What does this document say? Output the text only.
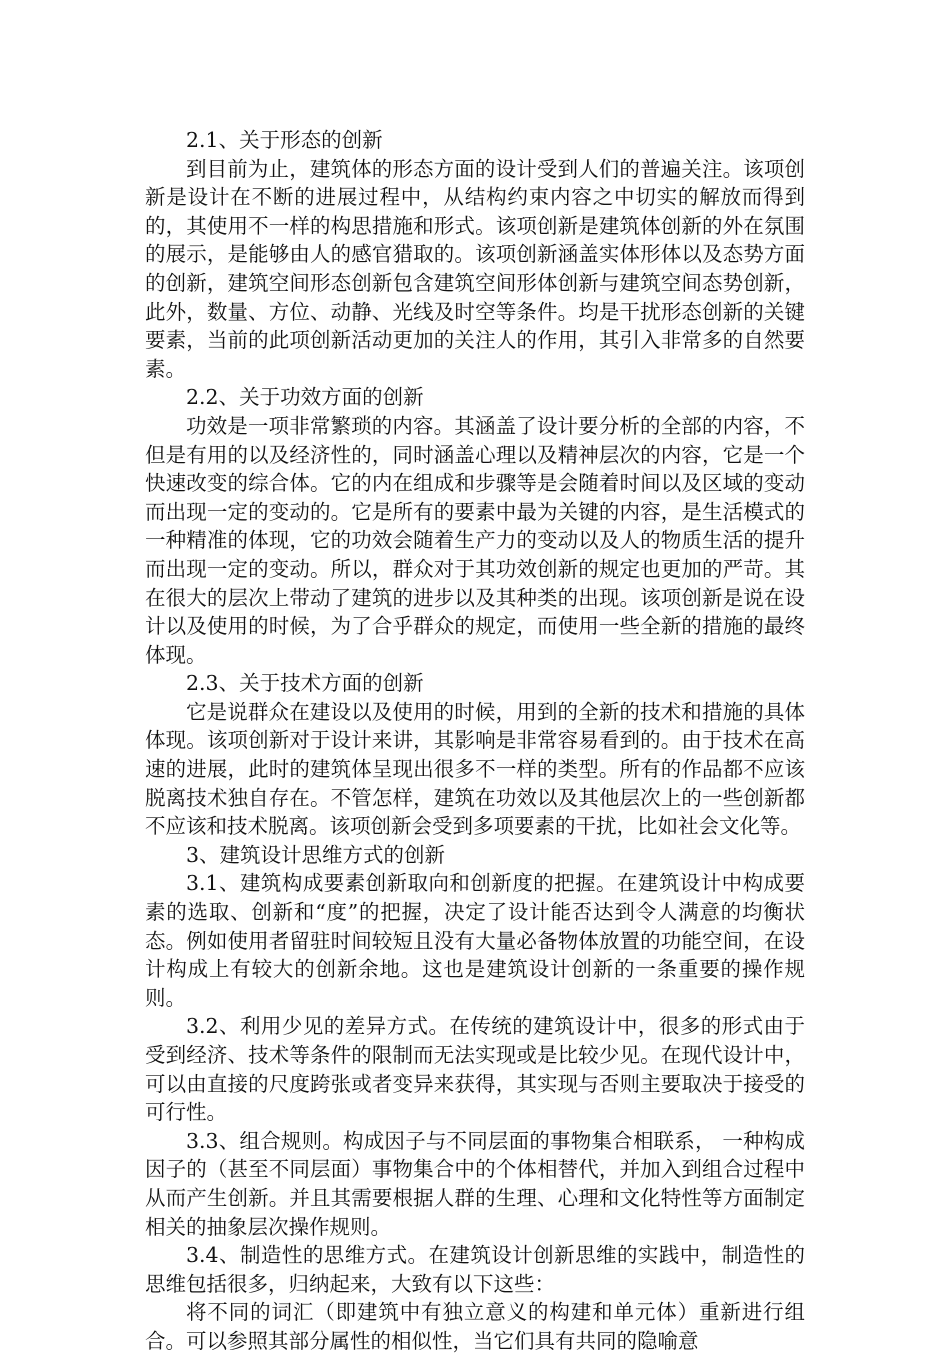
2.1、关于形态的创新

到目前为止，建筑体的形态方面的设计受到人们的普遍关注。该项创新是设计在不断的进展过程中，从结构约束内容之中切实的解放而得到的，其使用不一样的构思措施和形式。该项创新是建筑体创新的外在氛围的展示，是能够由人的感官猎取的。该项创新涵盖实体形体以及态势方面的创新，建筑空间形态创新包含建筑空间形体创新与建筑空间态势创新，此外，数量、方位、动静、光线及时空等条件。均是干扰形态创新的关键要素，当前的此项创新活动更加的关注人的作用，其引入非常多的自然要素。

2.2、关于功效方面的创新

功效是一项非常繁琐的内容。其涵盖了设计要分析的全部的内容，不但是有用的以及经济性的，同时涵盖心理以及精神层次的内容，它是一个快速改变的综合体。它的内在组成和步骤等是会随着时间以及区域的变动而出现一定的变动的。它是所有的要素中最为关键的内容，是生活模式的一种精准的体现，它的功效会随着生产力的变动以及人的物质生活的提升而出现一定的变动。所以，群众对于其功效创新的规定也更加的严苛。其在很大的层次上带动了建筑的进步以及其种类的出现。该项创新是说在设计以及使用的时候，为了合乎群众的规定，而使用一些全新的措施的最终体现。

2.3、关于技术方面的创新

它是说群众在建设以及使用的时候，用到的全新的技术和措施的具体体现。该项创新对于设计来讲，其影响是非常容易看到的。由于技术在高速的进展，此时的建筑体呈现出很多不一样的类型。所有的作品都不应该脱离技术独自存在。不管怎样，建筑在功效以及其他层次上的一些创新都不应该和技术脱离。该项创新会受到多项要素的干扰，比如社会文化等。

3、建筑设计思维方式的创新

3.1、建筑构成要素创新取向和创新度的把握。在建筑设计中构成要素的选取、创新和“度”的把握，决定了设计能否达到令人满意的均衡状态。例如使用者留驻时间较短且没有大量必备物体放置的功能空间，在设计构成上有较大的创新余地。这也是建筑设计创新的一条重要的操作规则。

3.2、利用少见的差异方式。在传统的建筑设计中，很多的形式由于受到经济、技术等条件的限制而无法实现或是比较少见。在现代设计中，可以由直接的尺度跨张或者变异来获得，其实现与否则主要取决于接受的可行性。

3.3、组合规则。构成因子与不同层面的事物集合相联系， 一种构成因子的（甚至不同层面）事物集合中的个体相替代，并加入到组合过程中从而产生创新。并且其需要根据人群的生理、心理和文化特性等方面制定相关的抽象层次操作规则。

3.4、制造性的思维方式。在建筑设计创新思维的实践中，制造性的思维包括很多，归纳起来，大致有以下这些：

将不同的词汇（即建筑中有独立意义的构建和单元体）重新进行组合。可以参照其部分属性的相似性，当它们具有共同的隐喻意
